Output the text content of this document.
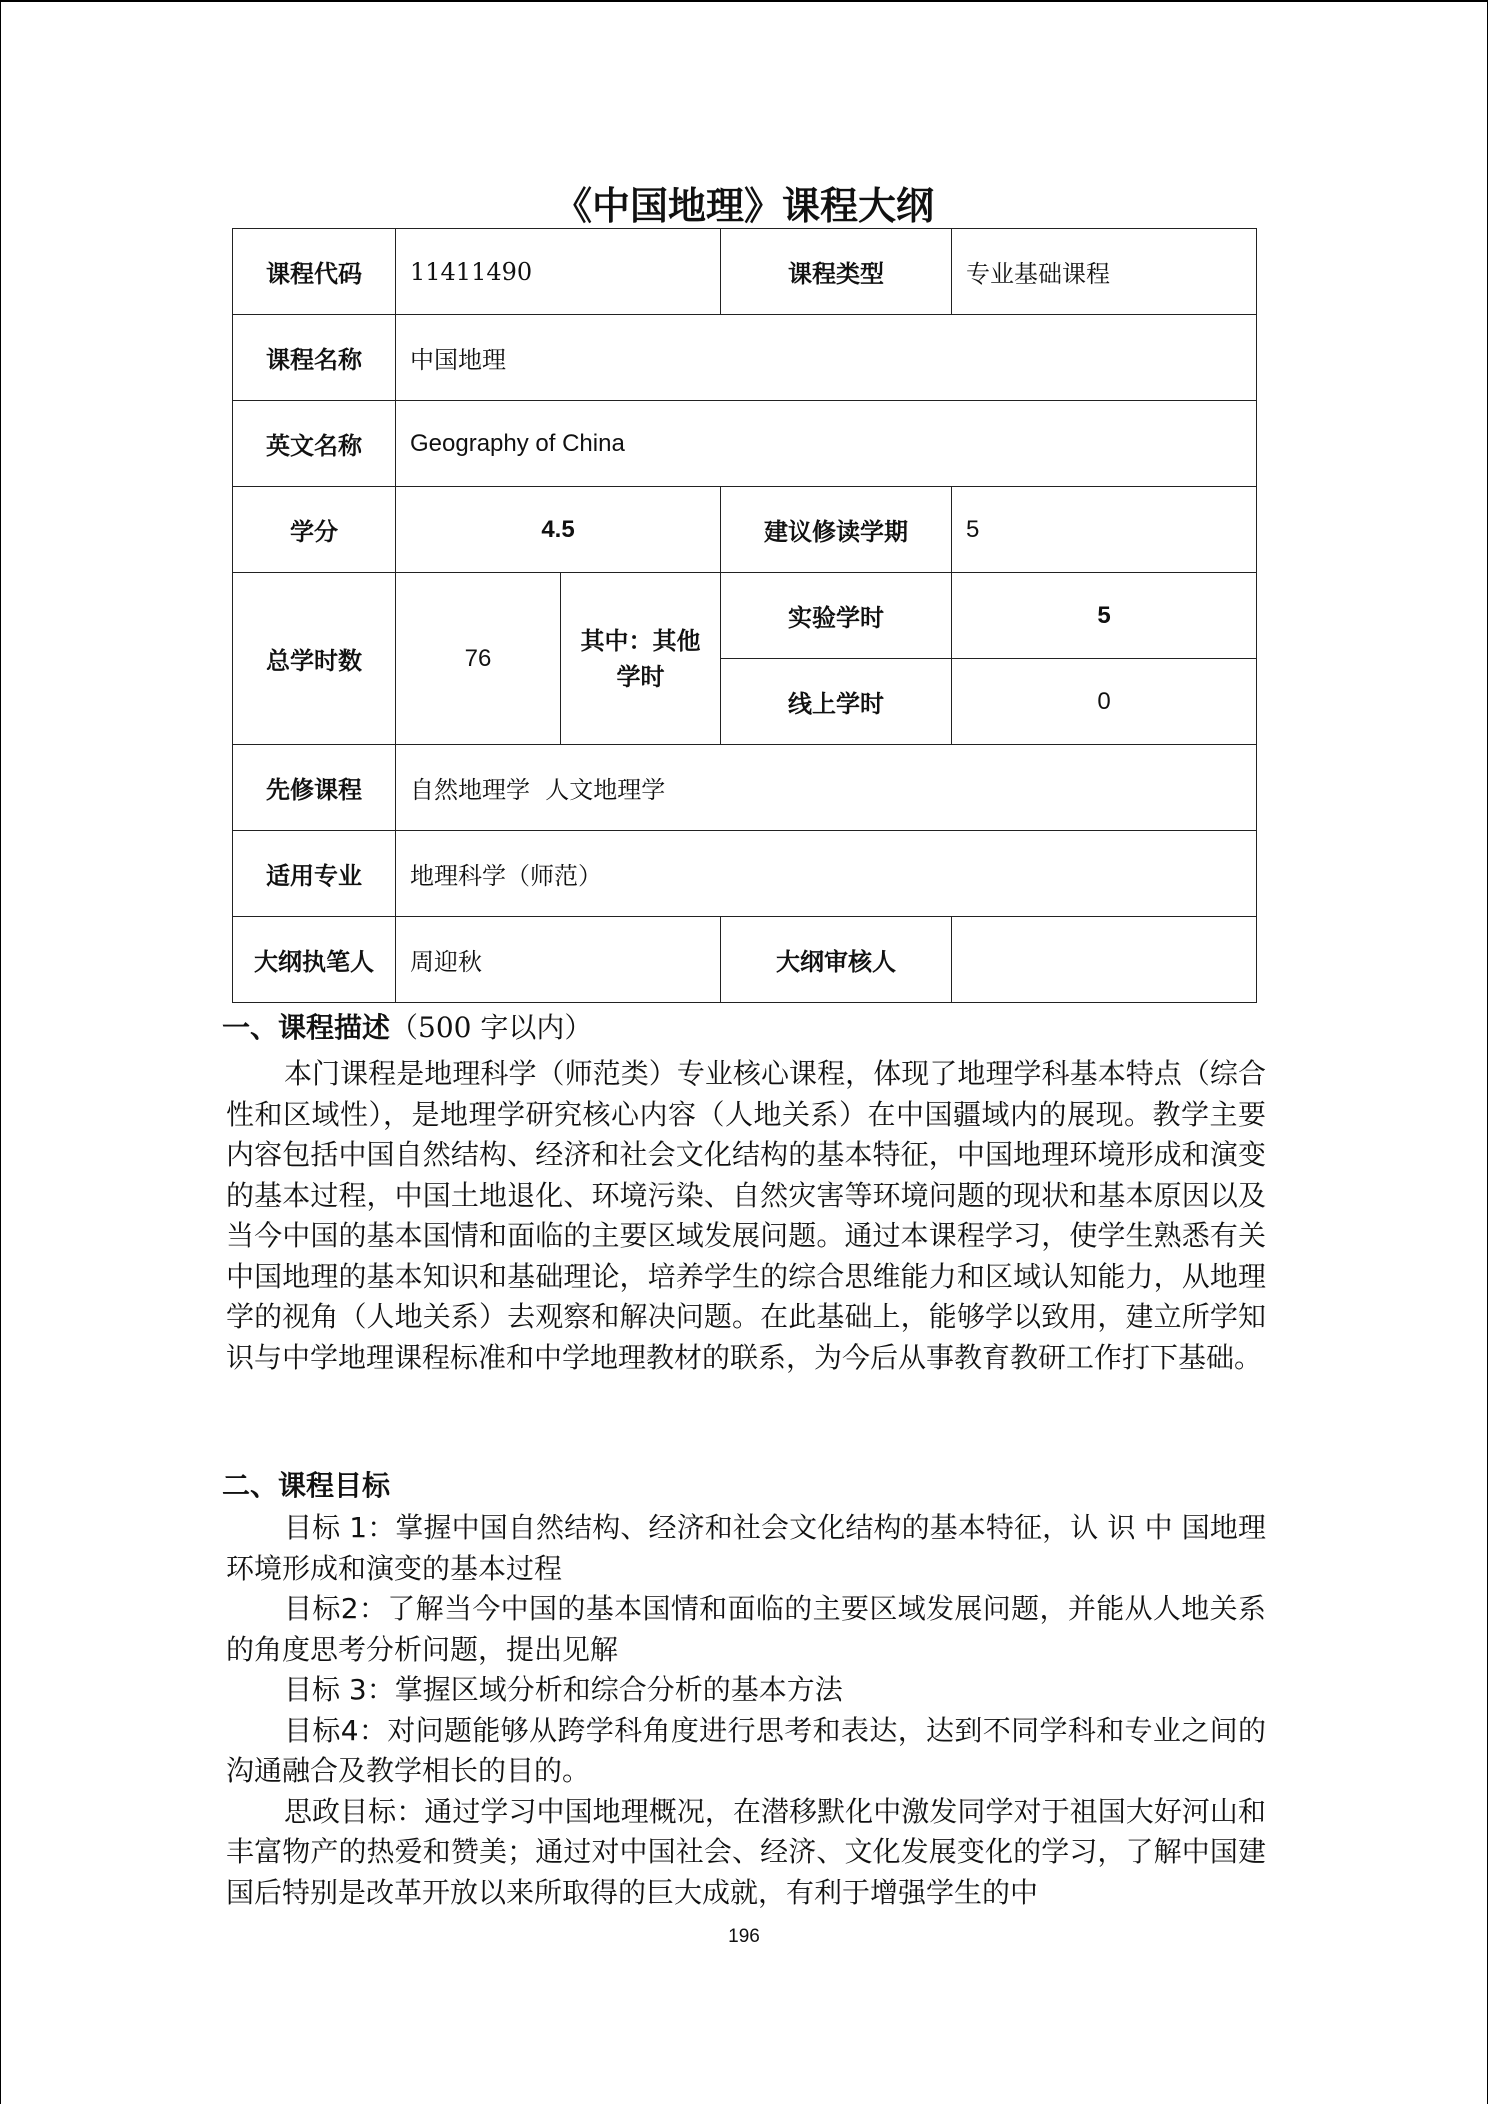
《中国地理》课程大纲
课程代码	11411490		课程类型	专业基础课程
课程名称	中国地理			
英文名称	Geography of China			
学分	4.5		建议修读学期	5
总学时数	76	其中：其他学时	实验学时	5
			线上学时	0
先修课程	自然地理学  人文地理学			
适用专业	地理科学（师范）			
大纲执笔人	周迎秋		大纲审核人	
一、课程描述（500 字以内）

本门课程是地理科学（师范类）专业核心课程，体现了地理学科基本特点（综合性和区域性），是地理学研究核心内容（人地关系）在中国疆域内的展现。教学主要内容包括中国自然结构、经济和社会文化结构的基本特征，中国地理环境形成和演变的基本过程，中国土地退化、环境污染、自然灾害等环境问题的现状和基本原因以及当今中国的基本国情和面临的主要区域发展问题。通过本课程学习，使学生熟悉有关中国地理的基本知识和基础理论，培养学生的综合思维能力和区域认知能力，从地理学的视角（人地关系）去观察和解决问题。在此基础上，能够学以致用，建立所学知识与中学地理课程标准和中学地理教材的联系，为今后从事教育教研工作打下基础。

二、课程目标

目标 1：掌握中国自然结构、经济和社会文化结构的基本特征，认 识 中 国地理环境形成和演变的基本过程

目标2：了解当今中国的基本国情和面临的主要区域发展问题，并能从人地关系的角度思考分析问题，提出见解

目标 3：掌握区域分析和综合分析的基本方法

目标4：对问题能够从跨学科角度进行思考和表达，达到不同学科和专业之间的沟通融合及教学相长的目的。

思政目标：通过学习中国地理概况，在潜移默化中激发同学对于祖国大好河山和丰富物产的热爱和赞美；通过对中国社会、经济、文化发展变化的学习，了解中国建国后特别是改革开放以来所取得的巨大成就，有利于增强学生的中

196
